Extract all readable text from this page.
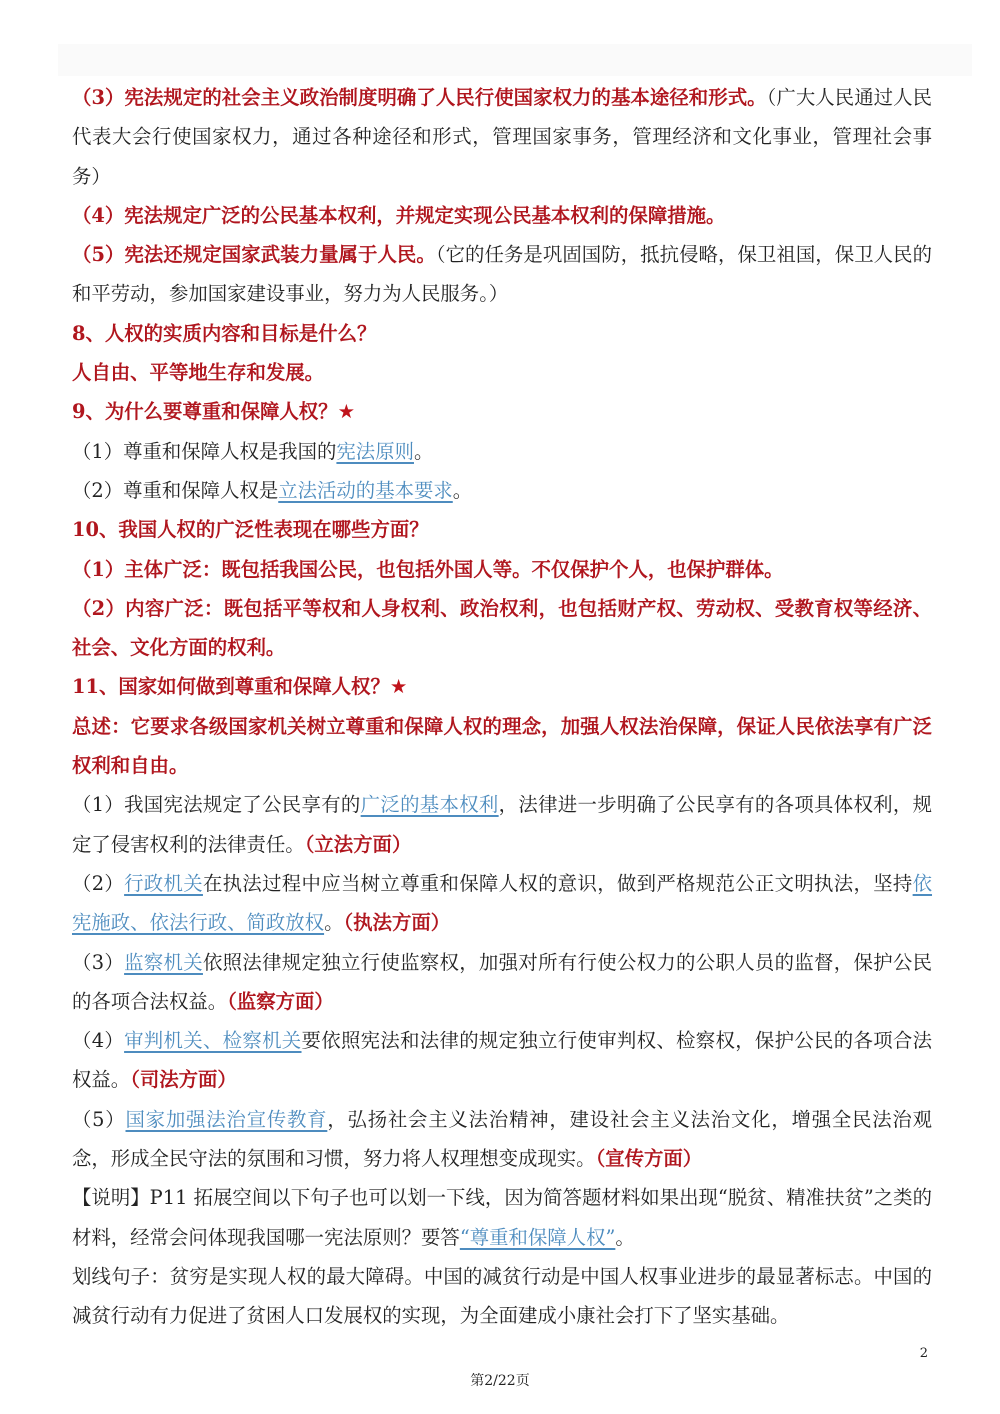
（3）宪法规定的社会主义政治制度明确了人民行使国家权力的基本途径和形式。（广大人民通过人民代表大会行使国家权力，通过各种途径和形式，管理国家事务，管理经济和文化事业，管理社会事务）

（4）宪法规定广泛的公民基本权利，并规定实现公民基本权利的保障措施。

（5）宪法还规定国家武装力量属于人民。（它的任务是巩固国防，抵抗侵略，保卫祖国，保卫人民的和平劳动，参加国家建设事业，努力为人民服务。）

8、人权的实质内容和目标是什么？

人自由、平等地生存和发展。

9、为什么要尊重和保障人权？★

（1）尊重和保障人权是我国的宪法原则。

（2）尊重和保障人权是立法活动的基本要求。

10、我国人权的广泛性表现在哪些方面？

（1）主体广泛：既包括我国公民，也包括外国人等。不仅保护个人，也保护群体。

（2）内容广泛：既包括平等权和人身权利、政治权利，也包括财产权、劳动权、受教育权等经济、社会、文化方面的权利。

11、国家如何做到尊重和保障人权？★

总述：它要求各级国家机关树立尊重和保障人权的理念，加强人权法治保障，保证人民依法享有广泛权利和自由。

（1）我国宪法规定了公民享有的广泛的基本权利，法律进一步明确了公民享有的各项具体权利，规定了侵害权利的法律责任。（立法方面）

（2）行政机关在执法过程中应当树立尊重和保障人权的意识，做到严格规范公正文明执法，坚持依宪施政、依法行政、简政放权。（执法方面）

（3）监察机关依照法律规定独立行使监察权，加强对所有行使公权力的公职人员的监督，保护公民的各项合法权益。（监察方面）

（4）审判机关、检察机关要依照宪法和法律的规定独立行使审判权、检察权，保护公民的各项合法权益。（司法方面）

（5）国家加强法治宣传教育，弘扬社会主义法治精神，建设社会主义法治文化，增强全民法治观念，形成全民守法的氛围和习惯，努力将人权理想变成现实。（宣传方面）

【说明】P11 拓展空间以下句子也可以划一下线，因为简答题材料如果出现“脱贫、精准扶贫”之类的材料，经常会问体现我国哪一宪法原则？要答“尊重和保障人权”。

划线句子：贫穷是实现人权的最大障碍。中国的减贫行动是中国人权事业进步的最显著标志。中国的减贫行动有力促进了贫困人口发展权的实现，为全面建成小康社会打下了坚实基础。

2
第2/22页
